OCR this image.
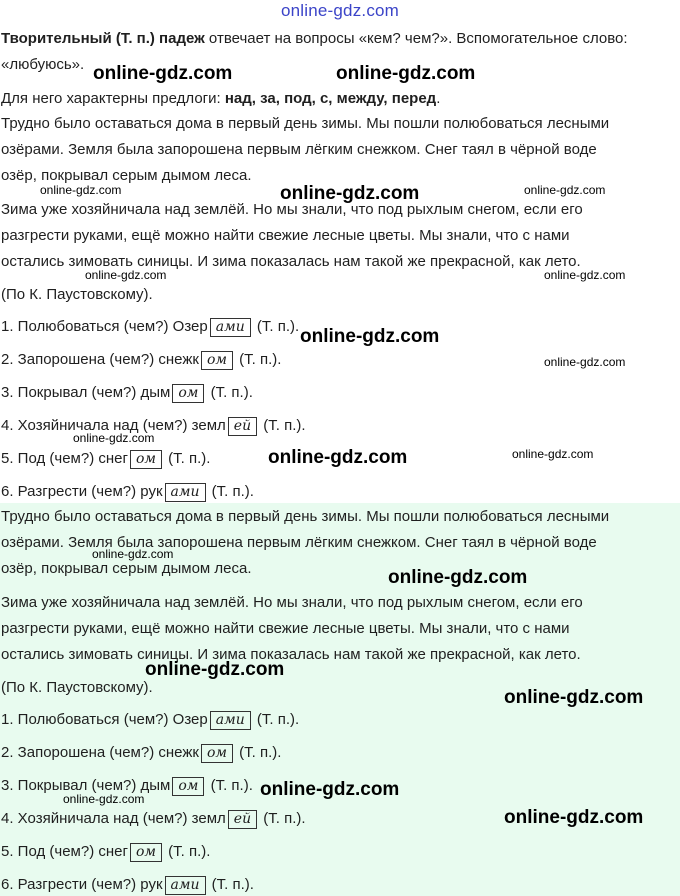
online-gdz.com
Творительный (Т. п.) падеж отвечает на вопросы «кем? чем?». Вспомогательное слово:
«любуюсь».
Для него характерны предлоги: над, за, под, с, между, перед.
Трудно было оставаться дома в первый день зимы. Мы пошли полюбоваться лесными
озёрами. Земля была запорошена первым лёгким снежком. Снег таял в чёрной воде
озёр, покрывал серым дымом леса.
Зима уже хозяйничала над землёй. Но мы знали, что под рыхлым снегом, если его
разгрести руками, ещё можно найти свежие лесные цветы. Мы знали, что с нами
остались зимовать синицы. И зима показалась нам такой же прекрасной, как лето.
(По К. Паустовскому).
1. Полюбоваться (чем?) Озер ами (Т. п.).
2. Запорошена (чем?) снежк ом (Т. п.).
3. Покрывал (чем?) дым ом (Т. п.).
4. Хозяйничала над (чем?) земл ей (Т. п.).
5. Под (чем?) снег ом (Т. п.).
6. Разгрести (чем?) рук ами (Т. п.).
Трудно было оставаться дома в первый день зимы. Мы пошли полюбоваться лесными
озёрами. Земля была запорошена первым лёгким снежком. Снег таял в чёрной воде
озёр, покрывал серым дымом леса.
Зима уже хозяйничала над землёй. Но мы знали, что под рыхлым снегом, если его
разгрести руками, ещё можно найти свежие лесные цветы. Мы знали, что с нами
остались зимовать синицы. И зима показалась нам такой же прекрасной, как лето.
(По К. Паустовскому).
1. Полюбоваться (чем?) Озер ами (Т. п.).
2. Запорошена (чем?) снежк ом (Т. п.).
3. Покрывал (чем?) дым ом (Т. п.).
4. Хозяйничала над (чем?) земл ей (Т. п.).
5. Под (чем?) снег ом (Т. п.).
6. Разгрести (чем?) рук ами (Т. п.).
online-gdz.com	online-gdz.com
online-gdz.com	online-gdz.com	online-gdz.com
online-gdz.com	online-gdz.com
online-gdz.com
online-gdz.com
online-gdz.com
online-gdz.com	online-gdz.com
online-gdz.com
online-gdz.com
online-gdz.com
online-gdz.com
online-gdz.com
online-gdz.com
online-gdz.com
